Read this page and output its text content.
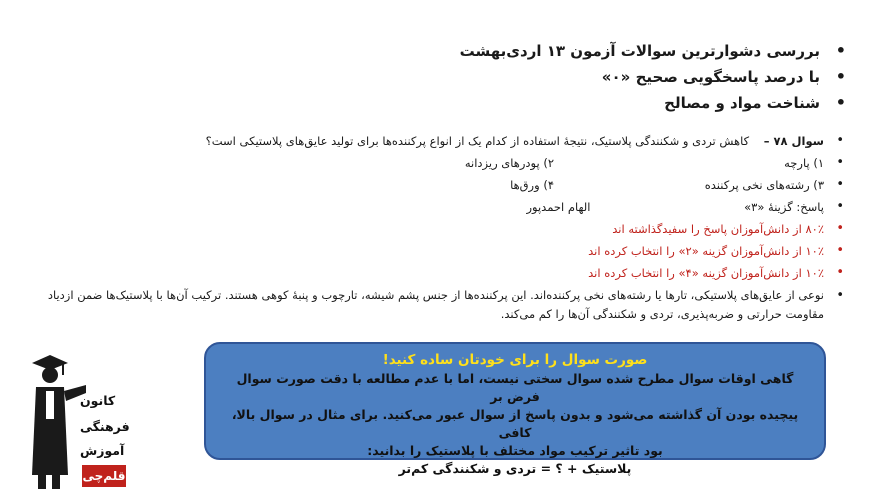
• بررسی دشوارترین سوالات آزمون ۱۳ اردی‌بهشت
• با درصد پاسخگویی صحیح «۰»
• شناخت مواد و مصالح
• سوال ۷۸ –    کاهش تردی و شکنندگی پلاستیک، نتیجهٔ استفاده از کدام یک از انواع پرکننده‌ها برای تولید عایق‌های پلاستیکی است؟
• ۱) پارچه
۲) پودرهای ریزدانه
• ۳) رشته‌های نخی پرکننده
۴) ورق‌ها
• پاسخ: گزینهٔ «۳» الهام احمدپور
• ۸۰٪ از دانش‌آموزان پاسخ را سفیدگذاشته اند
• ۱۰٪ از دانش‌آموزان گزینه «۲» را انتخاب کرده اند
• ۱۰٪ از دانش‌آموزان گزینه «۴» را انتخاب کرده اند
• نوعی از عایق‌های پلاستیکی، تارها یا رشته‌های نخی پرکننده‌اند. این پرکننده‌ها از جنس پشم شیشه، تارچوب و پنبهٔ کوهی هستند. ترکیب آن‌ها با پلاستیک‌ها ضمن ازدیاد مقاومت حرارتی و ضربه‌پذیری، تردی و شکنندگی آن‌ها را کم می‌کند.
صورت سوال را برای خودتان ساده کنید!
گاهی اوقات سوال مطرح شده سوال سختی نیست، اما با عدم مطالعه با دقت صورت سوال فرض بر
پیچیده بودن آن گذاشته می‌شود و بدون پاسخ از سوال عبور می‌کنید. برای مثال در سوال بالا، کافی
بود تاثیر ترکیب مواد مختلف با پلاستیک را بدانید:
پلاستیک + ؟ = تردی و شکنندگی کم‌تر
کانون
فرهنگی
آموزش
قلم‌چی
